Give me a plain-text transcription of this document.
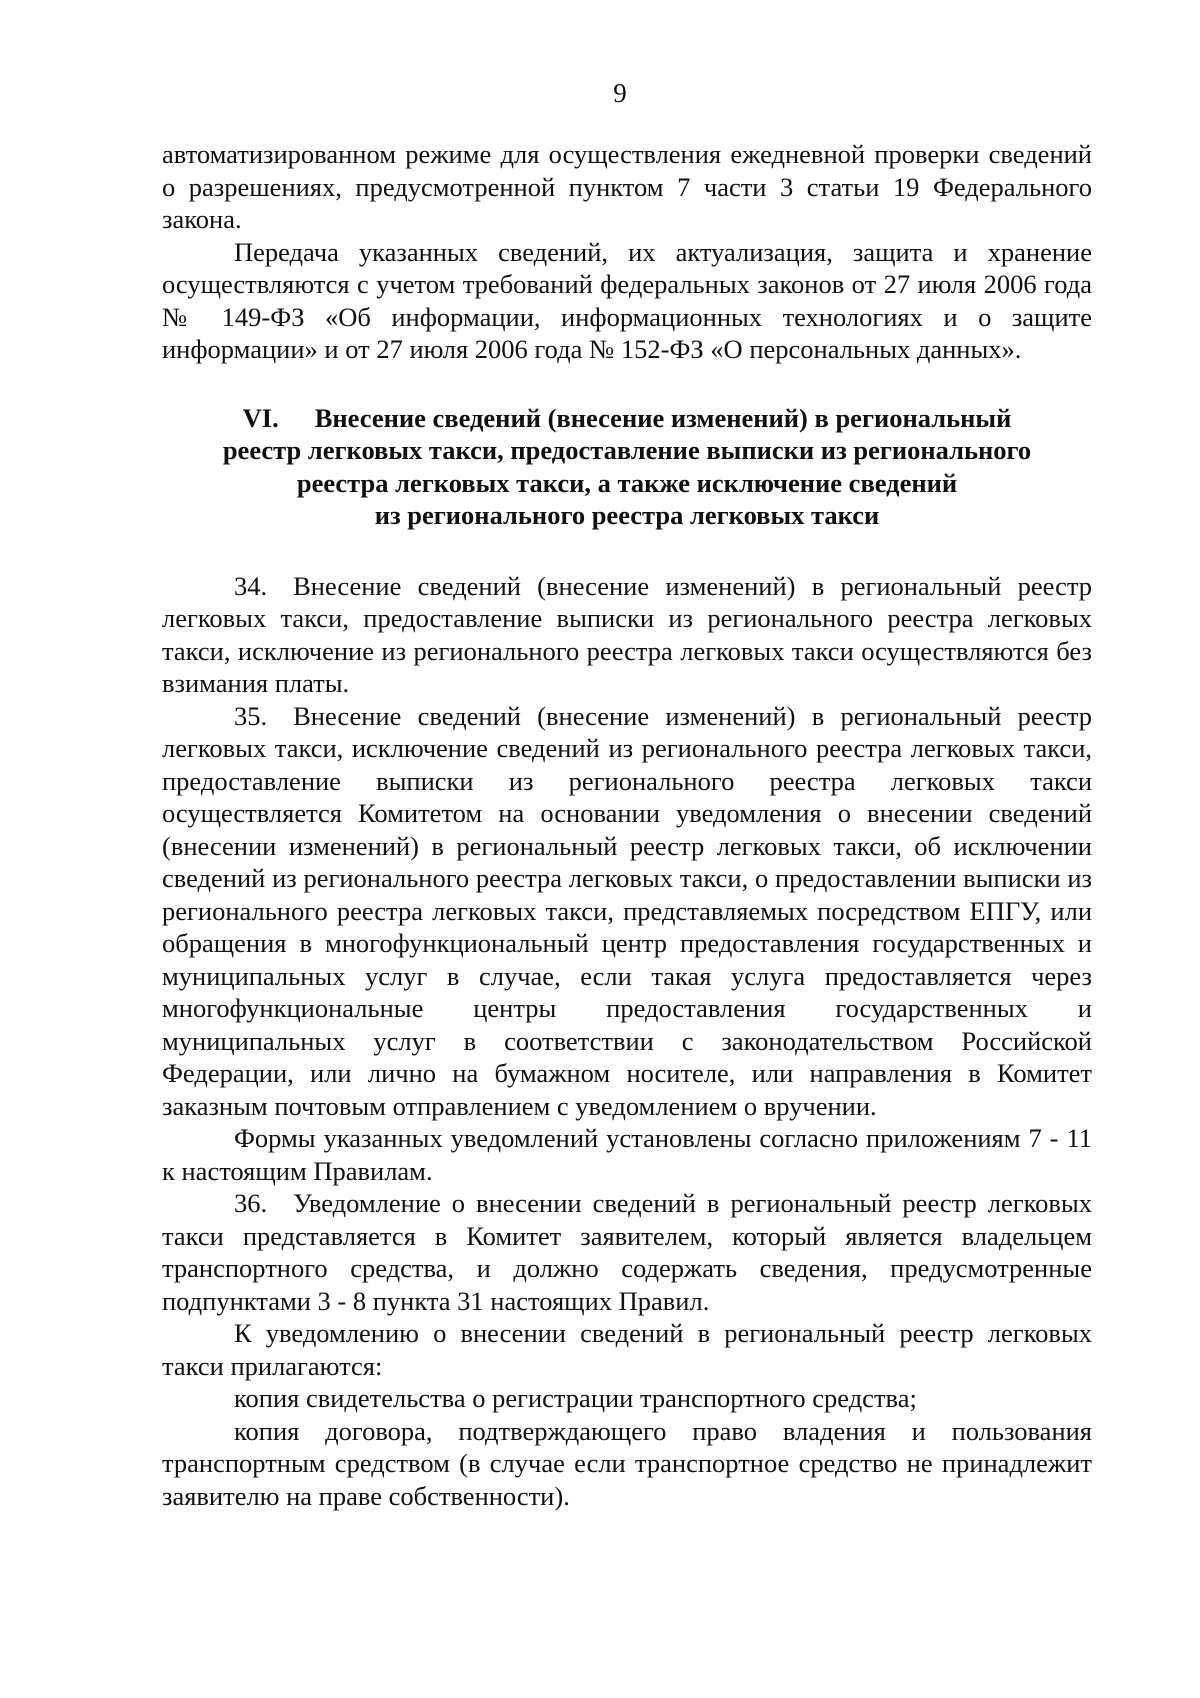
9

автоматизированном режиме для осуществления ежедневной проверки сведений о разрешениях, предусмотренной пунктом 7 части 3 статьи 19 Федерального закона.

Передача указанных сведений, их актуализация, защита и хранение осуществляются с учетом требований федеральных законов от 27 июля 2006 года № 149-ФЗ «Об информации, информационных технологиях и о защите информации» и от 27 июля 2006 года № 152-ФЗ «О персональных данных».

VI. Внесение сведений (внесение изменений) в региональный
реестр легковых такси, предоставление выписки из регионального
реестра легковых такси, а также исключение сведений
из регионального реестра легковых такси

34. Внесение сведений (внесение изменений) в региональный реестр легковых такси, предоставление выписки из регионального реестра легковых такси, исключение из регионального реестра легковых такси осуществляются без взимания платы.

35. Внесение сведений (внесение изменений) в региональный реестр легковых такси, исключение сведений из регионального реестра легковых такси, предоставление выписки из регионального реестра легковых такси осуществляется Комитетом на основании уведомления о внесении сведений (внесении изменений) в региональный реестр легковых такси, об исключении сведений из регионального реестра легковых такси, о предоставлении выписки из регионального реестра легковых такси, представляемых посредством ЕПГУ, или обращения в многофункциональный центр предоставления государственных и муниципальных услуг в случае, если такая услуга предоставляется через многофункциональные центры предоставления государственных и муниципальных услуг в соответствии с законодательством Российской Федерации, или лично на бумажном носителе, или направления в Комитет заказным почтовым отправлением с уведомлением о вручении.

Формы указанных уведомлений установлены согласно приложениям 7 - 11 к настоящим Правилам.

36. Уведомление о внесении сведений в региональный реестр легковых такси представляется в Комитет заявителем, который является владельцем транспортного средства, и должно содержать сведения, предусмотренные подпунктами 3 - 8 пункта 31 настоящих Правил.

К уведомлению о внесении сведений в региональный реестр легковых такси прилагаются:

копия свидетельства о регистрации транспортного средства;

копия договора, подтверждающего право владения и пользования транспортным средством (в случае если транспортное средство не принадлежит заявителю на праве собственности).
